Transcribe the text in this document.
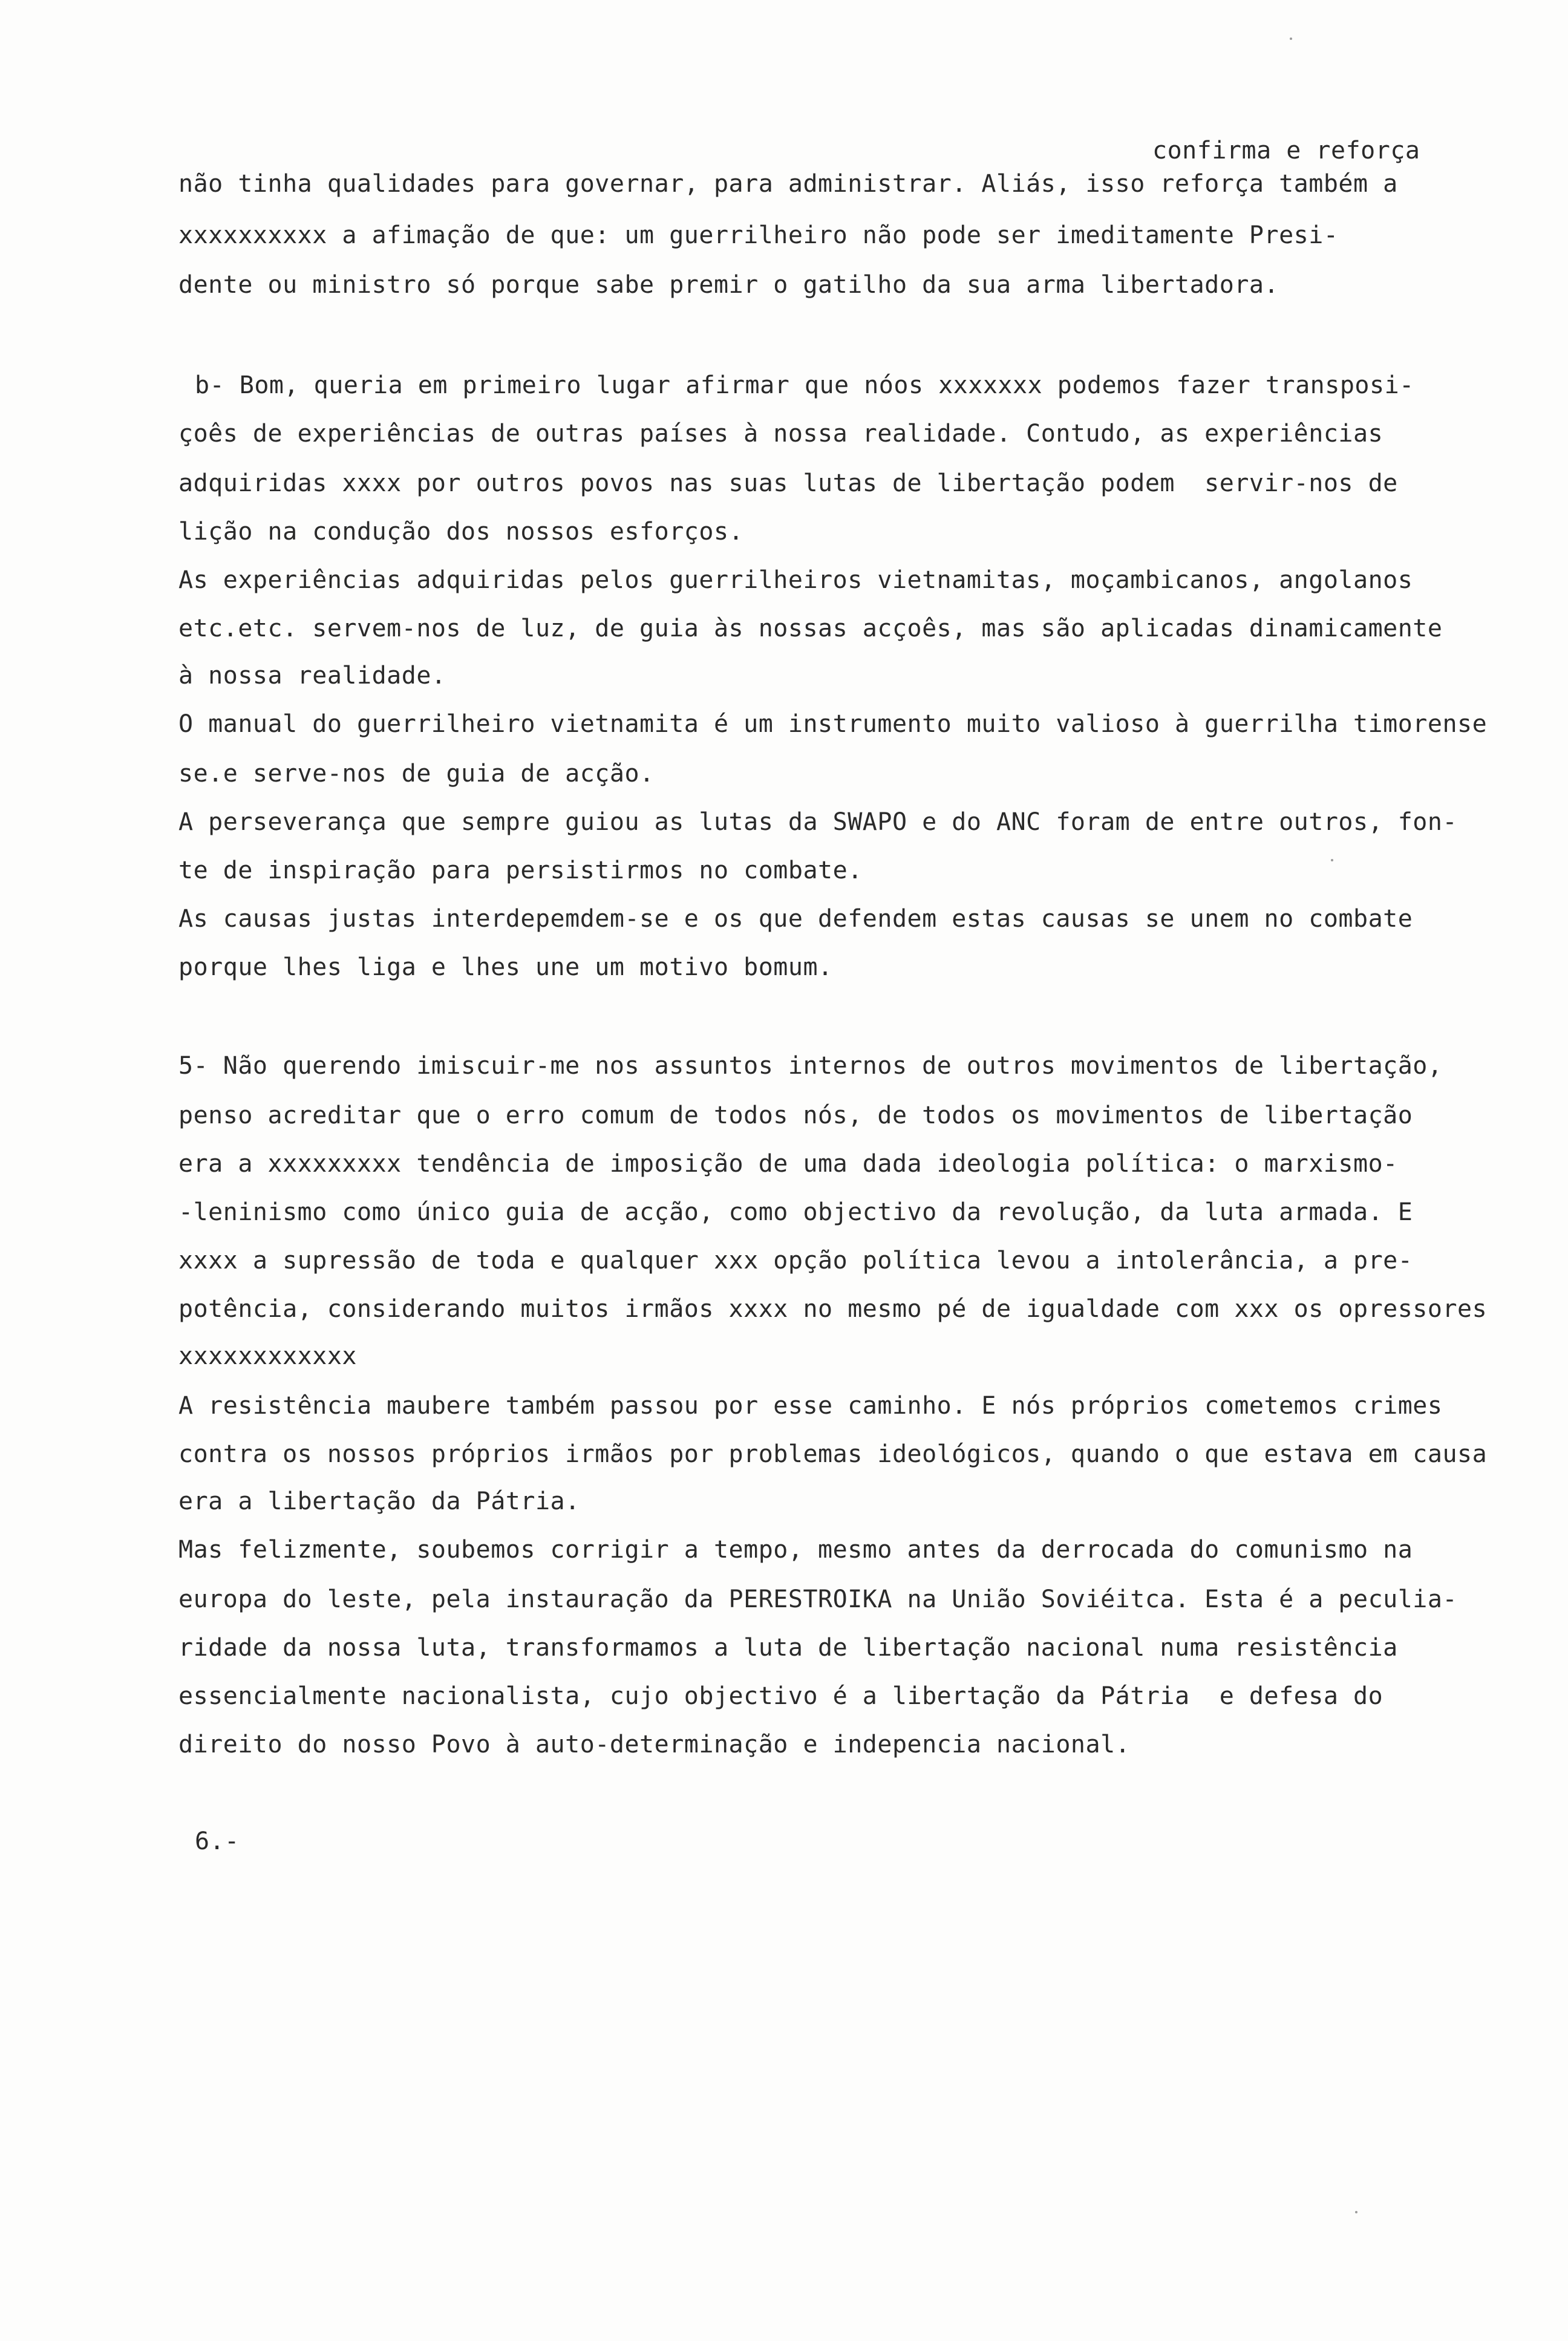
confirma e reforça
não tinha qualidades para governar, para administrar. Aliás, isso reforça também a
xxxxxxxxxx a afimação de que: um guerrilheiro não pode ser imeditamente Presi-
dente ou ministro só porque sabe premir o gatilho da sua arma libertadora.
b- Bom, queria em primeiro lugar afirmar que nóos xxxxxxx podemos fazer transposi-
çoês de experiências de outras países à nossa realidade. Contudo, as experiências
adquiridas xxxx por outros povos nas suas lutas de libertação podem  servir-nos de
lição na condução dos nossos esforços.
As experiências adquiridas pelos guerrilheiros vietnamitas, moçambicanos, angolanos
etc.etc. servem-nos de luz, de guia às nossas acçoês, mas são aplicadas dinamicamente
à nossa realidade.
O manual do guerrilheiro vietnamita é um instrumento muito valioso à guerrilha timorense
se.e serve-nos de guia de acção.
A perseverança que sempre guiou as lutas da SWAPO e do ANC foram de entre outros, fon-
te de inspiração para persistirmos no combate.
As causas justas interdepemdem-se e os que defendem estas causas se unem no combate
porque lhes liga e lhes une um motivo bomum.
5- Não querendo imiscuir-me nos assuntos internos de outros movimentos de libertação,
penso acreditar que o erro comum de todos nós, de todos os movimentos de libertação
era a xxxxxxxxx tendência de imposição de uma dada ideologia política: o marxismo-
-leninismo como único guia de acção, como objectivo da revolução, da luta armada. E
xxxx a supressão de toda e qualquer xxx opção política levou a intolerância, a pre-
potência, considerando muitos irmãos xxxx no mesmo pé de igualdade com xxx os opressores
xxxxxxxxxxxx
A resistência maubere também passou por esse caminho. E nós próprios cometemos crimes
contra os nossos próprios irmãos por problemas ideológicos, quando o que estava em causa
era a libertação da Pátria.
Mas felizmente, soubemos corrigir a tempo, mesmo antes da derrocada do comunismo na
europa do leste, pela instauração da PERESTROIKA na União Soviéitca. Esta é a peculia-
ridade da nossa luta, transformamos a luta de libertação nacional numa resistência
essencialmente nacionalista, cujo objectivo é a libertação da Pátria  e defesa do
direito do nosso Povo à auto-determinação e indepencia nacional.
6.-
